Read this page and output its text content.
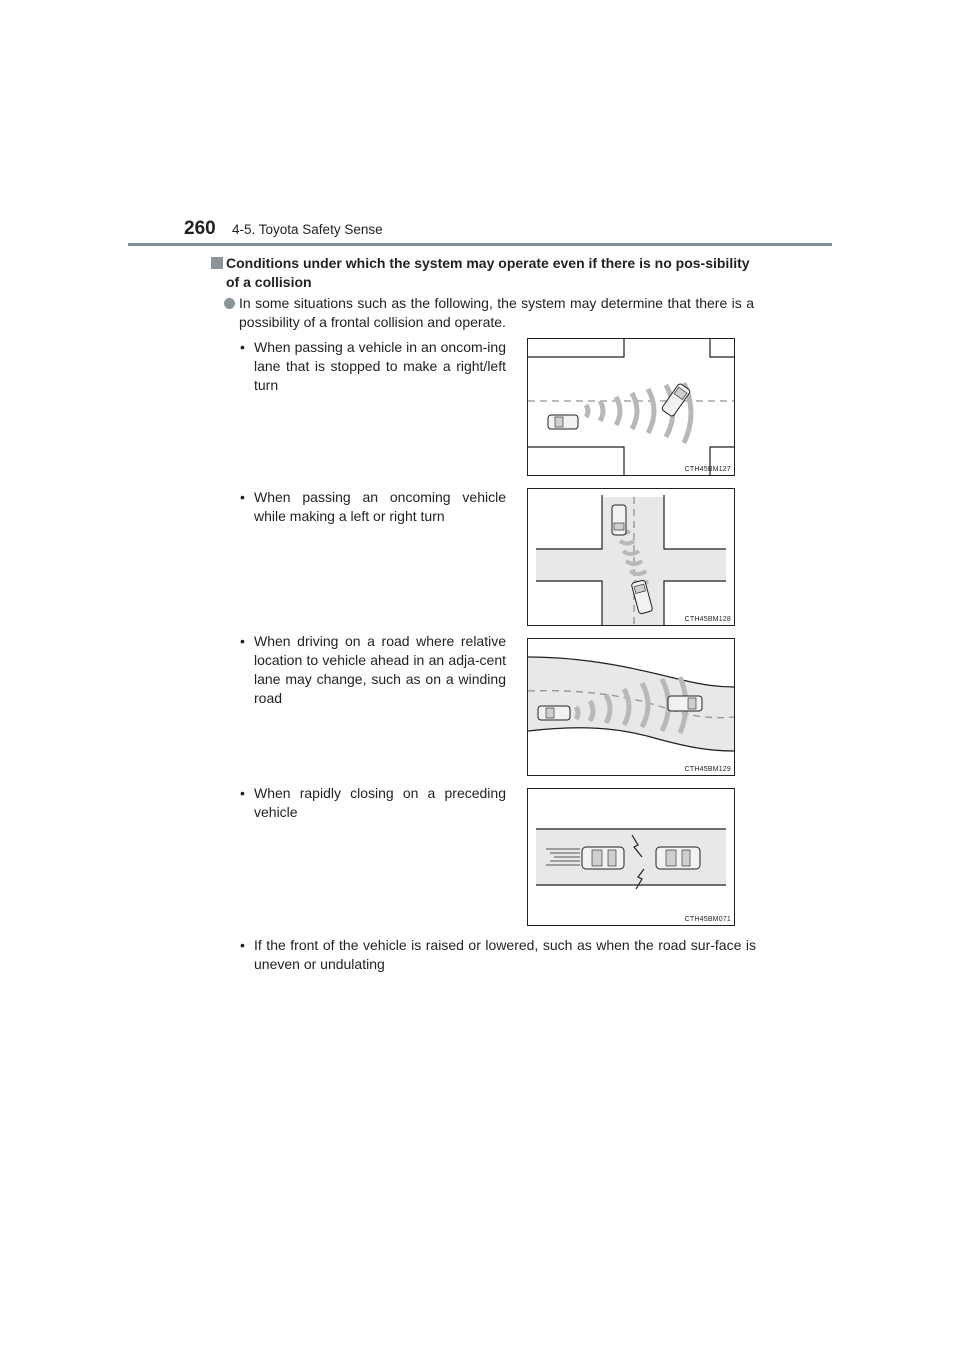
260 4-5. Toyota Safety Sense
Conditions under which the system may operate even if there is no pos-sibility of a collision
In some situations such as the following, the system may determine that there is a possibility of a frontal collision and operate.
• When passing a vehicle in an oncom-ing lane that is stopped to make a right/left turn
CTH45BM127
• When passing an oncoming vehicle while making a left or right turn
CTH45BM128
• When driving on a road where relative location to vehicle ahead in an adja-cent lane may change, such as on a winding road
CTH45BM129
• When rapidly closing on a preceding vehicle
CTH45BM071
• If the front of the vehicle is raised or lowered, such as when the road sur-face is uneven or undulating
